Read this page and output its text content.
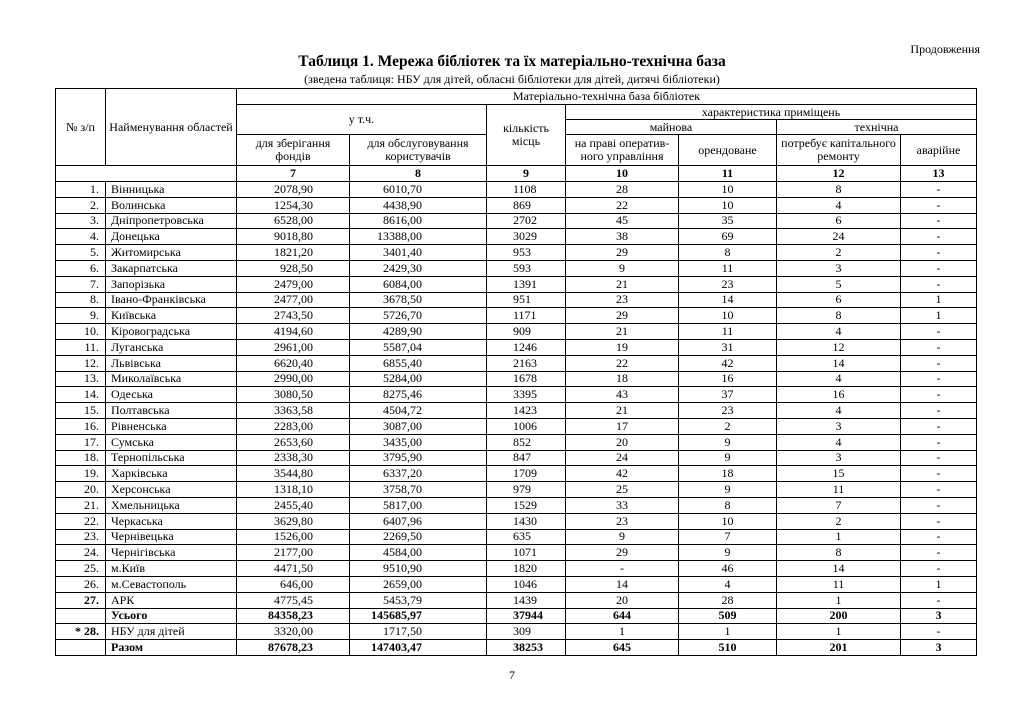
Продовження
Таблиця 1. Мережа бібліотек та їх матеріально-технічна база
(зведена таблиця: НБУ для дітей, обласні бібліотеки для дітей, дитячі бібліотеки)
№ з/п	Найменування областей	Матеріально-технічна база бібліотек						
		у т.ч.		кількість місць	характеристика приміщень			
					майнова		технічна	
		для зберігання фондів	для обслуговування користувачів		на праві оператив-ного управління	орендоване	потребує капітального ремонту	аварійне
		7	8	9	10	11	12	13
1.	Вінницька	2078,90	6010,70	1108	28	10	8	-
2.	Волинська	1254,30	4438,90	869	22	10	4	-
3.	Дніпропетровська	6528,00	8616,00	2702	45	35	6	-
4.	Донецька	9018,80	13388,00	3029	38	69	24	-
5.	Житомирська	1821,20	3401,40	953	29	8	2	-
6.	Закарпатська	928,50	2429,30	593	9	11	3	-
7.	Запорізька	2479,00	6084,00	1391	21	23	5	-
8.	Івано-Франківська	2477,00	3678,50	951	23	14	6	1
9.	Київська	2743,50	5726,70	1171	29	10	8	1
10.	Кіровоградська	4194,60	4289,90	909	21	11	4	-
11.	Луганська	2961,00	5587,04	1246	19	31	12	-
12.	Львівська	6620,40	6855,40	2163	22	42	14	-
13.	Миколаївська	2990,00	5284,00	1678	18	16	4	-
14.	Одеська	3080,50	8275,46	3395	43	37	16	-
15.	Полтавська	3363,58	4504,72	1423	21	23	4	-
16.	Рівненська	2283,00	3087,00	1006	17	2	3	-
17.	Сумська	2653,60	3435,00	852	20	9	4	-
18.	Тернопільська	2338,30	3795,90	847	24	9	3	-
19.	Харківська	3544,80	6337,20	1709	42	18	15	-
20.	Херсонська	1318,10	3758,70	979	25	9	11	-
21.	Хмельницька	2455,40	5817,00	1529	33	8	7	-
22.	Черкаська	3629,80	6407,96	1430	23	10	2	-
23.	Чернівецька	1526,00	2269,50	635	9	7	1	-
24.	Чернігівська	2177,00	4584,00	1071	29	9	8	-
25.	м.Київ	4471,50	9510,90	1820	-	46	14	-
26.	м.Севастополь	646,00	2659,00	1046	14	4	11	1
27.	АРК	4775,45	5453,79	1439	20	28	1	-
	Усього	84358,23	145685,97	37944	644	509	200	3
* 28.	НБУ для дітей	3320,00	1717,50	309	1	1	1	-
	Разом	87678,23	147403,47	38253	645	510	201	3
7
